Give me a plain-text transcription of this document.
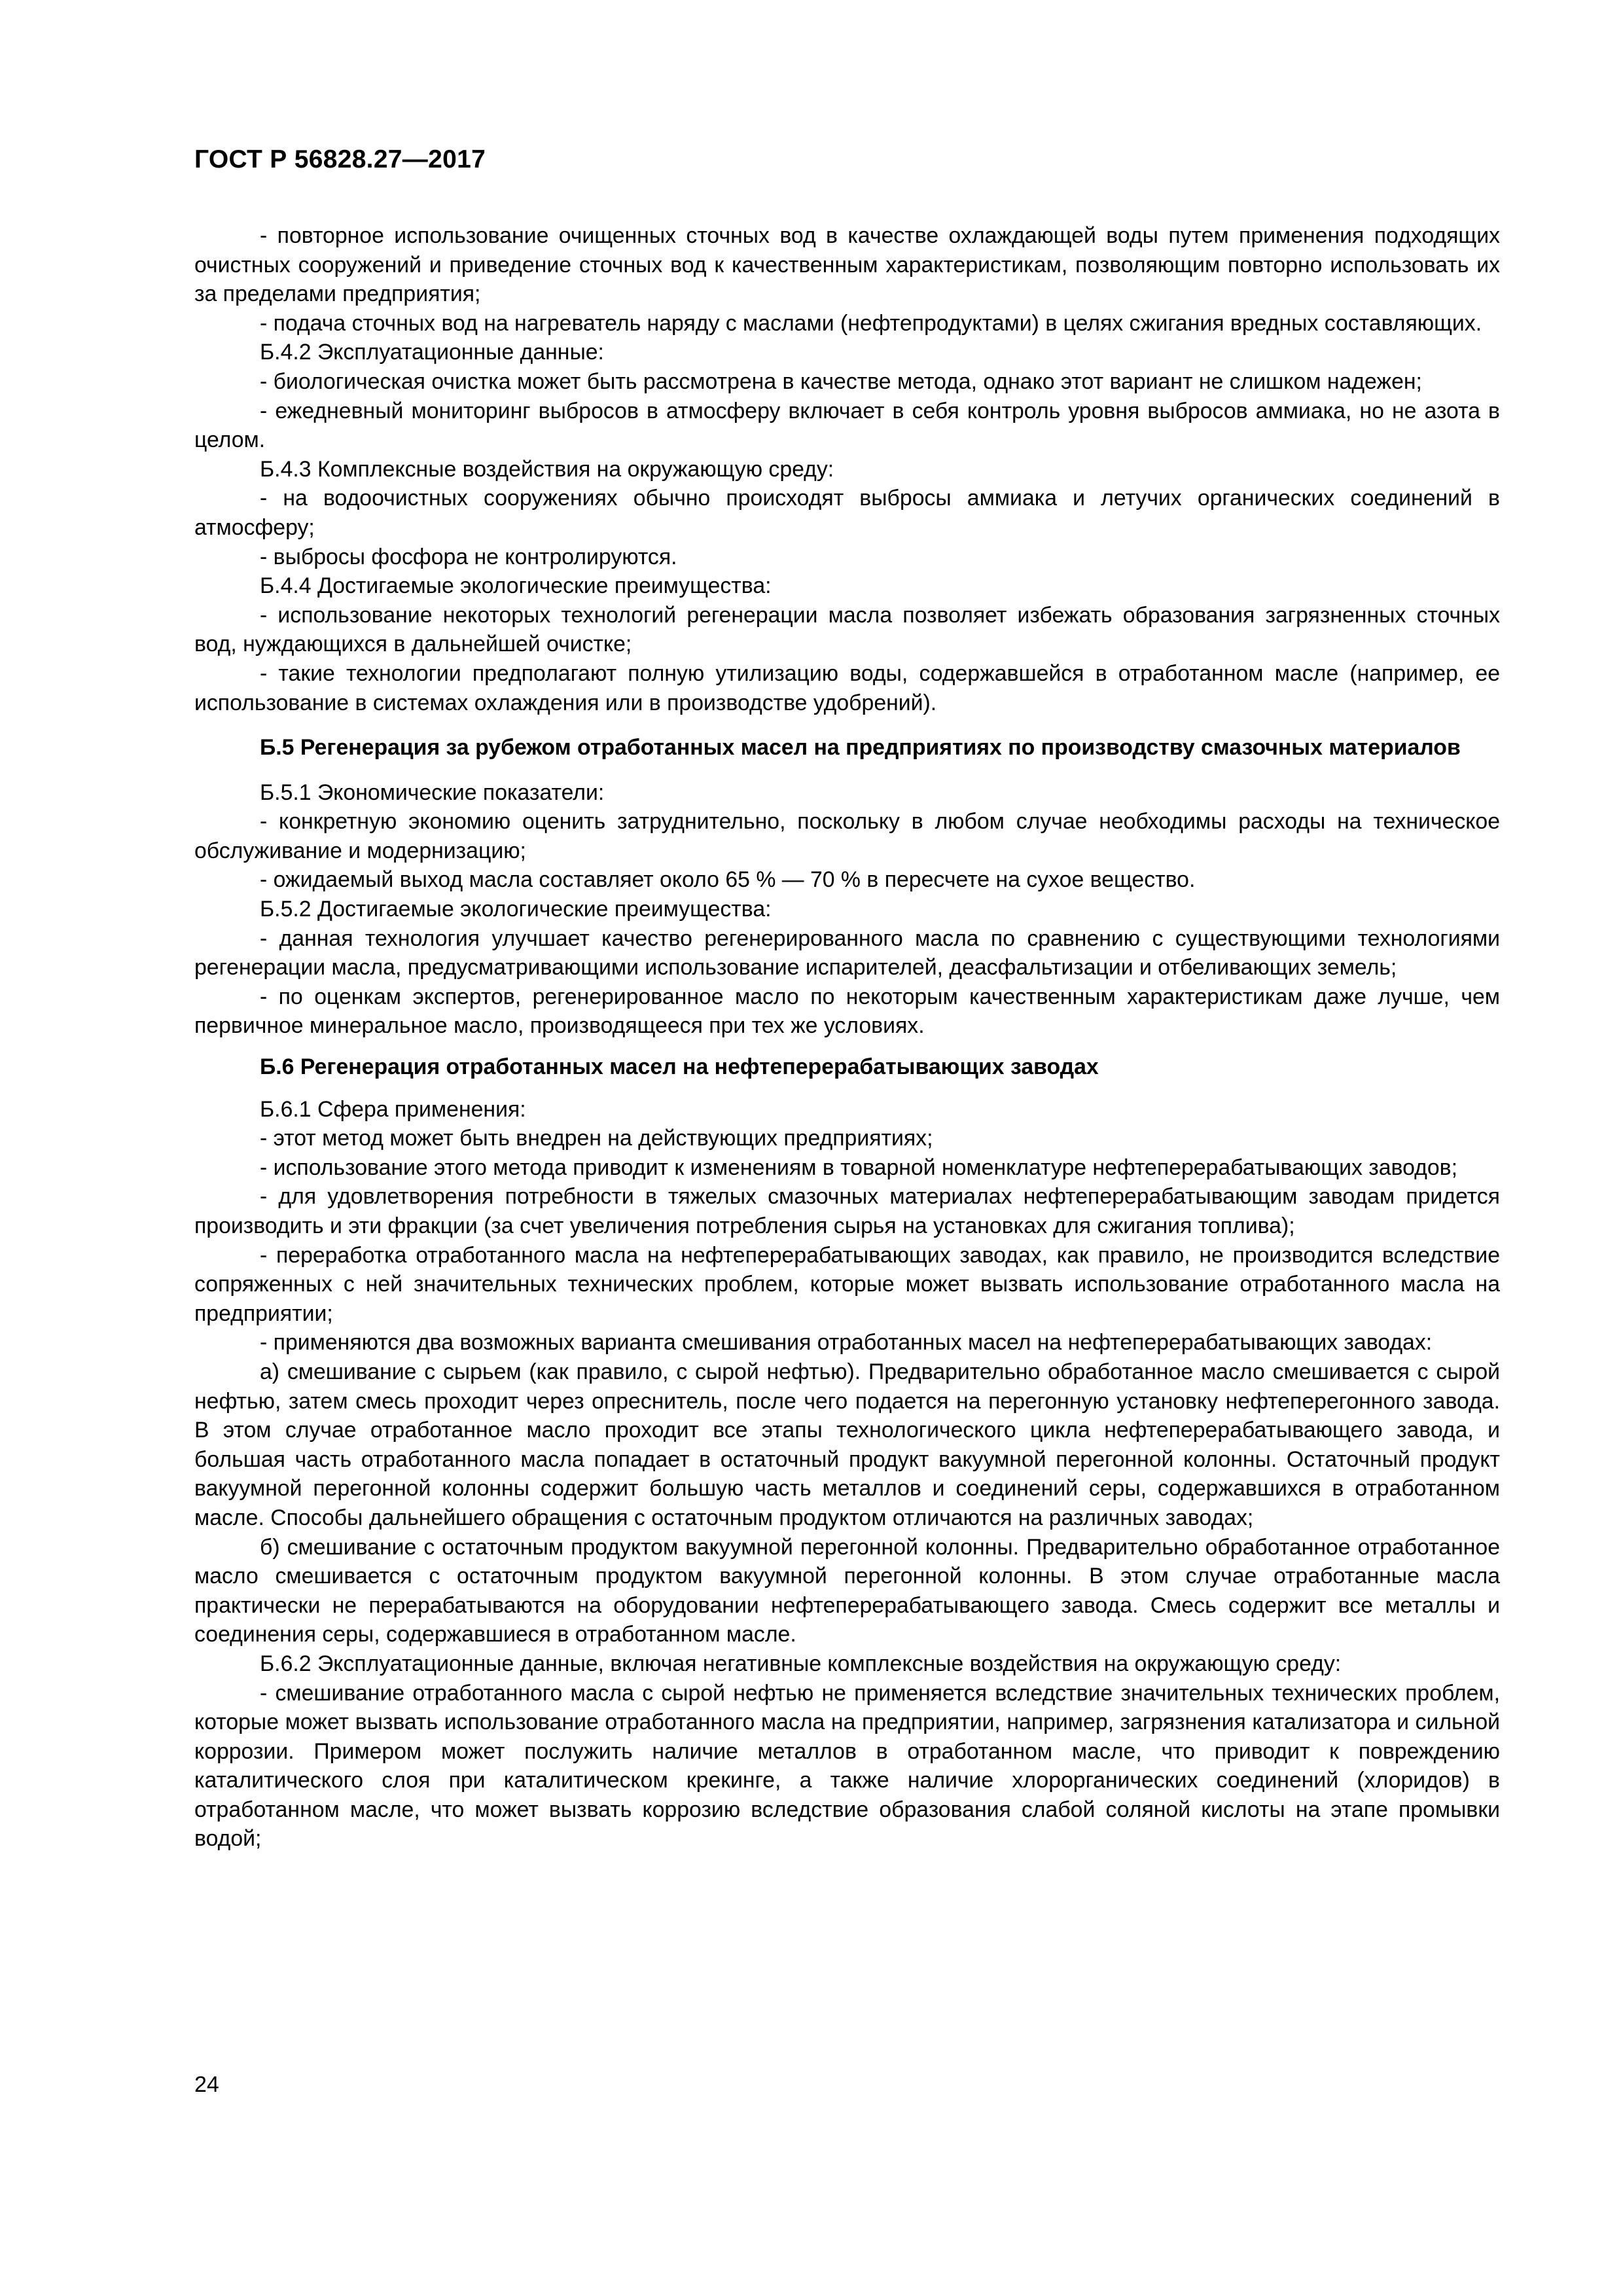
ГОСТ Р 56828.27—2017

- повторное использование очищенных сточных вод в качестве охлаждающей воды путем применения подходящих очистных сооружений и приведение сточных вод к качественным характеристикам, позволяющим повторно использовать их за пределами предприятия;

- подача сточных вод на нагреватель наряду с маслами (нефтепродуктами) в целях сжигания вредных составляющих.

Б.4.2 Эксплуатационные данные:

- биологическая очистка может быть рассмотрена в качестве метода, однако этот вариант не слишком надежен;

- ежедневный мониторинг выбросов в атмосферу включает в себя контроль уровня выбросов аммиака, но не азота в целом.

Б.4.3 Комплексные воздействия на окружающую среду:

- на водоочистных сооружениях обычно происходят выбросы аммиака и летучих органических соединений в атмосферу;

- выбросы фосфора не контролируются.

Б.4.4 Достигаемые экологические преимущества:

- использование некоторых технологий регенерации масла позволяет избежать образования загрязненных сточных вод, нуждающихся в дальнейшей очистке;

- такие технологии предполагают полную утилизацию воды, содержавшейся в отработанном масле (например, ее использование в системах охлаждения или в производстве удобрений).

Б.5 Регенерация за рубежом отработанных масел на предприятиях по производству смазочных материалов

Б.5.1 Экономические показатели:

- конкретную экономию оценить затруднительно, поскольку в любом случае необходимы расходы на техническое обслуживание и модернизацию;

- ожидаемый выход масла составляет около 65 % — 70 % в пересчете на сухое вещество.

Б.5.2 Достигаемые экологические преимущества:

- данная технология улучшает качество регенерированного масла по сравнению с существующими технологиями регенерации масла, предусматривающими использование испарителей, деасфальтизации и отбеливающих земель;

- по оценкам экспертов, регенерированное масло по некоторым качественным характеристикам даже лучше, чем первичное минеральное масло, производящееся при тех же условиях.

Б.6 Регенерация отработанных масел на нефтеперерабатывающих заводах

Б.6.1 Сфера применения:

- этот метод может быть внедрен на действующих предприятиях;

- использование этого метода приводит к изменениям в товарной номенклатуре нефтеперерабатывающих заводов;

- для удовлетворения потребности в тяжелых смазочных материалах нефтеперерабатывающим заводам придется производить и эти фракции (за счет увеличения потребления сырья на установках для сжигания топлива);

- переработка отработанного масла на нефтеперерабатывающих заводах, как правило, не производится вследствие сопряженных с ней значительных технических проблем, которые может вызвать использование отработанного масла на предприятии;

- применяются два возможных варианта смешивания отработанных масел на нефтеперерабатывающих заводах:

а) смешивание с сырьем (как правило, с сырой нефтью). Предварительно обработанное масло смешивается с сырой нефтью, затем смесь проходит через опреснитель, после чего подается на перегонную установку нефтеперегонного завода. В этом случае отработанное масло проходит все этапы технологического цикла нефтеперерабатывающего завода, и большая часть отработанного масла попадает в остаточный продукт вакуумной перегонной колонны. Остаточный продукт вакуумной перегонной колонны содержит большую часть металлов и соединений серы, содержавшихся в отработанном масле. Способы дальнейшего обращения с остаточным продуктом отличаются на различных заводах;

б) смешивание с остаточным продуктом вакуумной перегонной колонны. Предварительно обработанное отработанное масло смешивается с остаточным продуктом вакуумной перегонной колонны. В этом случае отработанные масла практически не перерабатываются на оборудовании нефтеперерабатывающего завода. Смесь содержит все металлы и соединения серы, содержавшиеся в отработанном масле.

Б.6.2 Эксплуатационные данные, включая негативные комплексные воздействия на окружающую среду:

- смешивание отработанного масла с сырой нефтью не применяется вследствие значительных технических проблем, которые может вызвать использование отработанного масла на предприятии, например, загрязнения катализатора и сильной коррозии. Примером может послужить наличие металлов в отработанном масле, что приводит к повреждению каталитического слоя при каталитическом крекинге, а также наличие хлорорганических соединений (хлоридов) в отработанном масле, что может вызвать коррозию вследствие образования слабой соляной кислоты на этапе промывки водой;

24
